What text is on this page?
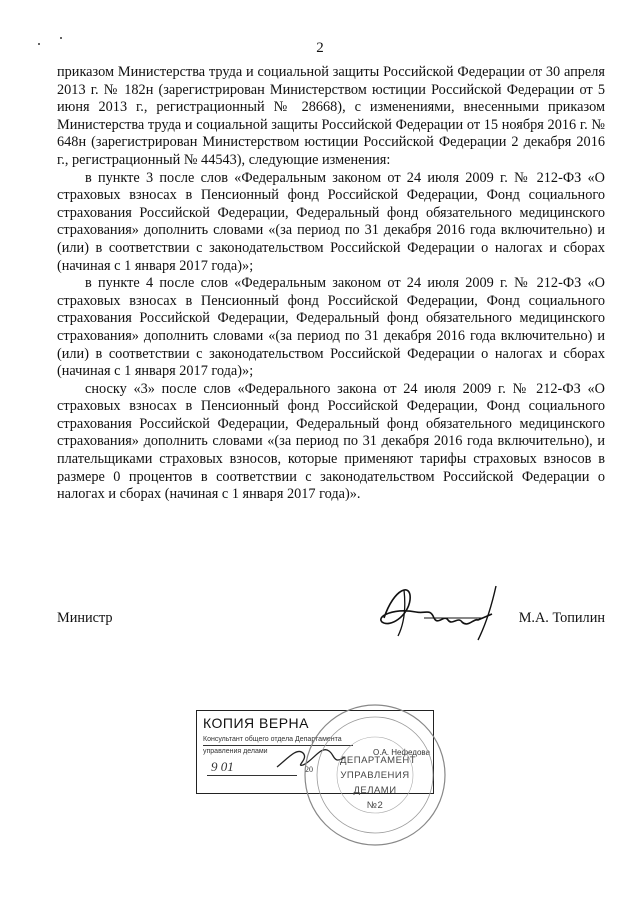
2

приказом Министерства труда и социальной защиты Российской Федерации от 30 апреля 2013 г. № 182н (зарегистрирован Министерством юстиции Российской Федерации от 5 июня 2013 г., регистрационный № 28668), с изменениями, внесенными приказом Министерства труда и социальной защиты Российской Федерации от 15 ноября 2016 г. № 648н (зарегистрирован Министерством юстиции Российской Федерации 2 декабря 2016 г., регистрационный № 44543), следующие изменения:

в пункте 3 после слов «Федеральным законом от 24 июля 2009 г. № 212-ФЗ «О страховых взносах в Пенсионный фонд Российской Федерации, Фонд социального страхования Российской Федерации, Федеральный фонд обязательного медицинского страхования» дополнить словами «(за период по 31 декабря 2016 года включительно) и (или) в соответствии с законодательством Российской Федерации о налогах и сборах (начиная с 1 января 2017 года)»;

в пункте 4 после слов «Федеральным законом от 24 июля 2009 г. № 212-ФЗ «О страховых взносах в Пенсионный фонд Российской Федерации, Фонд социального страхования Российской Федерации, Федеральный фонд обязательного медицинского страхования» дополнить словами «(за период по 31 декабря 2016 года включительно) и (или) в соответствии с законодательством Российской Федерации о налогах и сборах (начиная с 1 января 2017 года)»;

сноску «3» после слов «Федерального закона от 24 июля 2009 г. № 212-ФЗ «О страховых взносах в Пенсионный фонд Российской Федерации, Фонд социального страхования Российской Федерации, Федеральный фонд обязательного медицинского страхования» дополнить словами «(за период по 31 декабря 2016 года включительно), и плательщиками страховых взносов, которые применяют тарифы страховых взносов в размере 0 процентов в соответствии с законодательством Российской Федерации о налогах и сборах (начиная с 1 января 2017 года)».

Министр	М.А. Топилин
КОПИЯ ВЕРНА
Консультант общего отдела Департамента
управления делами	О.А. Нефедова
9 01	20
ДЕПАРТАМЕНТ
УПРАВЛЕНИЯ
ДЕЛАМИ
№2
